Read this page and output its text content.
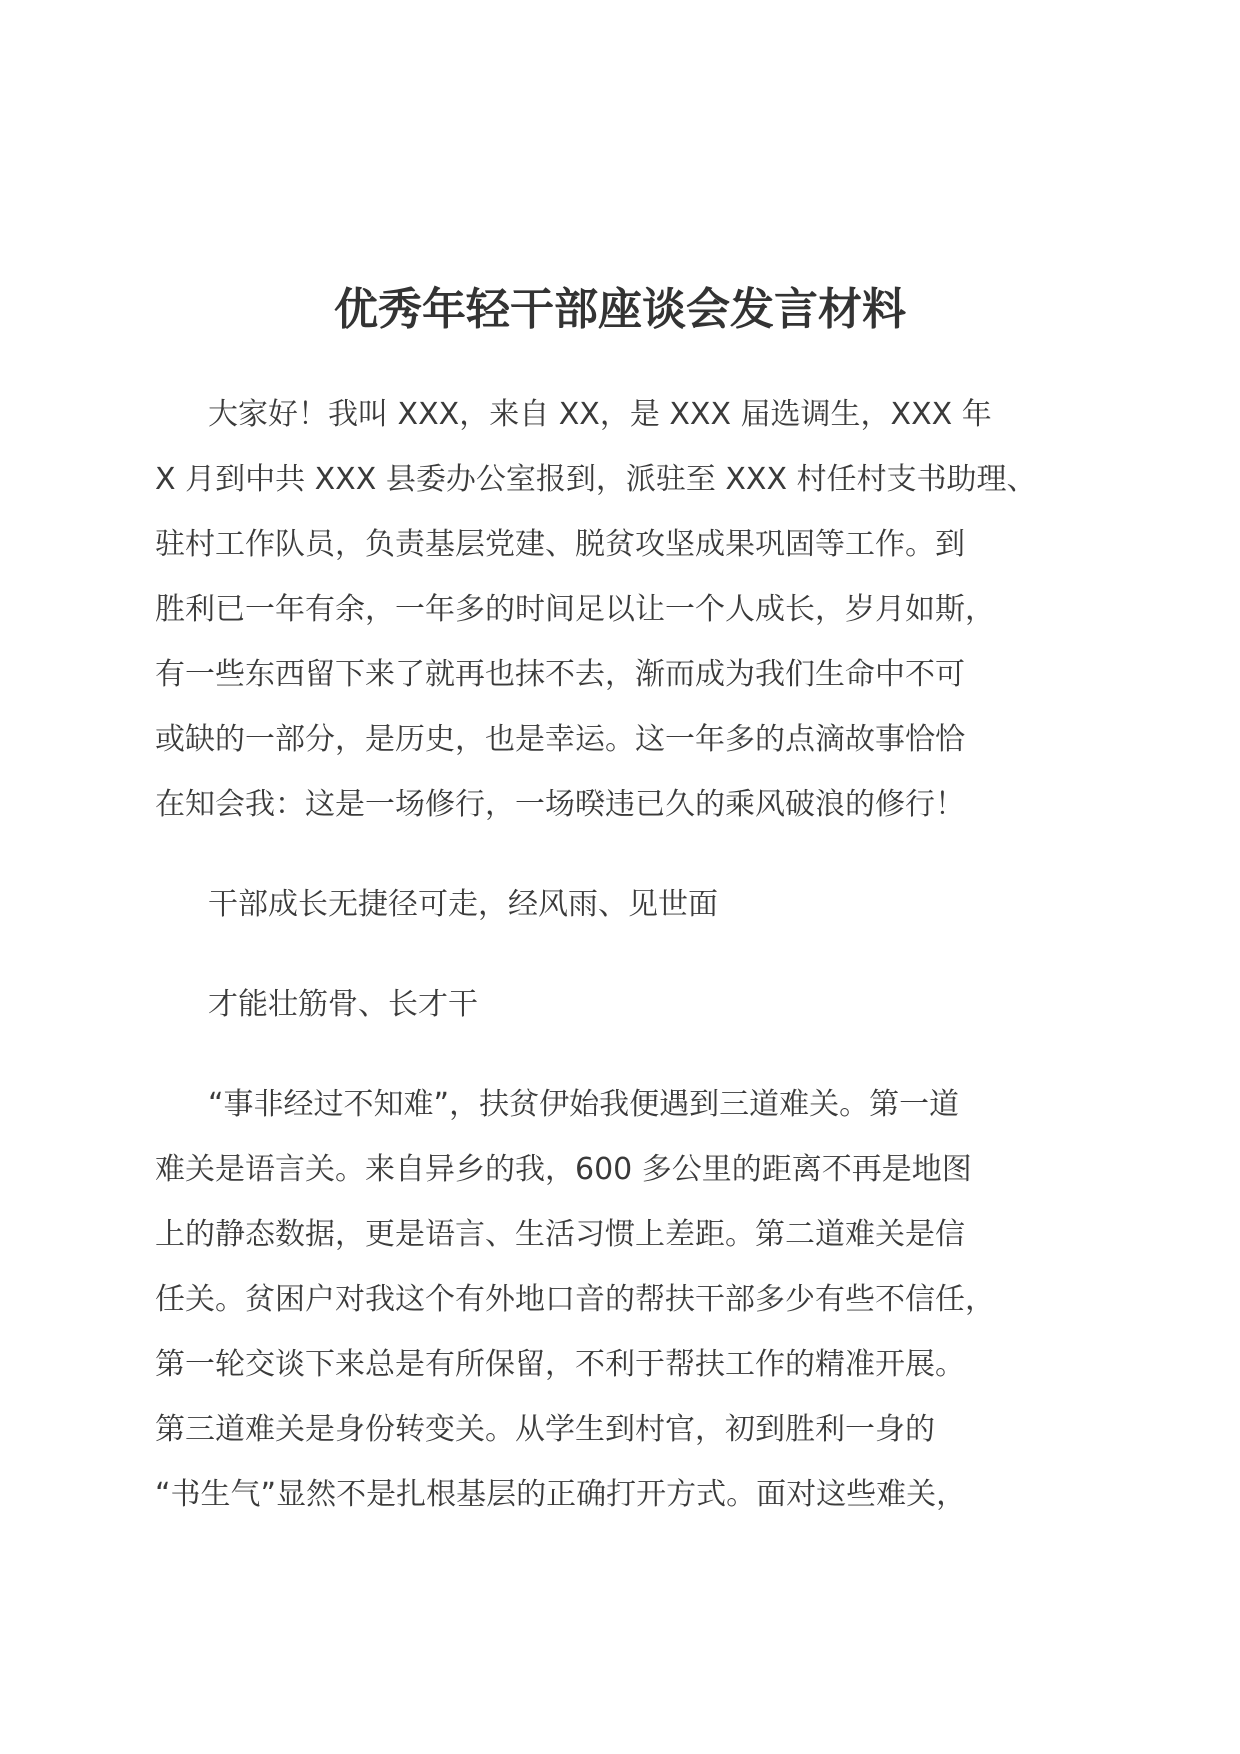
优秀年轻干部座谈会发言材料
大家好！我叫 XXX，来自 XX，是 XXX 届选调生，XXX 年
X 月到中共 XXX 县委办公室报到，派驻至 XXX 村任村支书助理、
驻村工作队员，负责基层党建、脱贫攻坚成果巩固等工作。到
胜利已一年有余，一年多的时间足以让一个人成长，岁月如斯，
有一些东西留下来了就再也抹不去，渐而成为我们生命中不可
或缺的一部分，是历史，也是幸运。这一年多的点滴故事恰恰
在知会我：这是一场修行，一场暌违已久的乘风破浪的修行！
干部成长无捷径可走，经风雨、见世面
才能壮筋骨、长才干
“事非经过不知难”，扶贫伊始我便遇到三道难关。第一道
难关是语言关。来自异乡的我，600 多公里的距离不再是地图
上的静态数据，更是语言、生活习惯上差距。第二道难关是信
任关。贫困户对我这个有外地口音的帮扶干部多少有些不信任，
第一轮交谈下来总是有所保留，不利于帮扶工作的精准开展。
第三道难关是身份转变关。从学生到村官，初到胜利一身的
“书生气”显然不是扎根基层的正确打开方式。面对这些难关，
